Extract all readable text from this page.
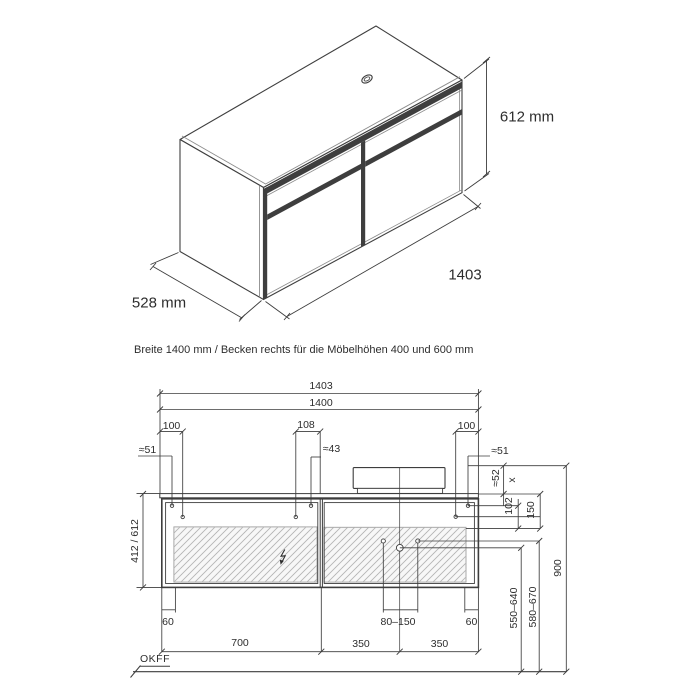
612 mm
1403
528 mm
Breite 1400 mm / Becken rechts für die Möbelhöhen 400 und 600 mm
1403
1400
100	108	100
≈51	≈43	≈51
≈52 x
102 150
412 / 612
900
550–640 580–670
60	80–150	60
700	350	350
OKFF
